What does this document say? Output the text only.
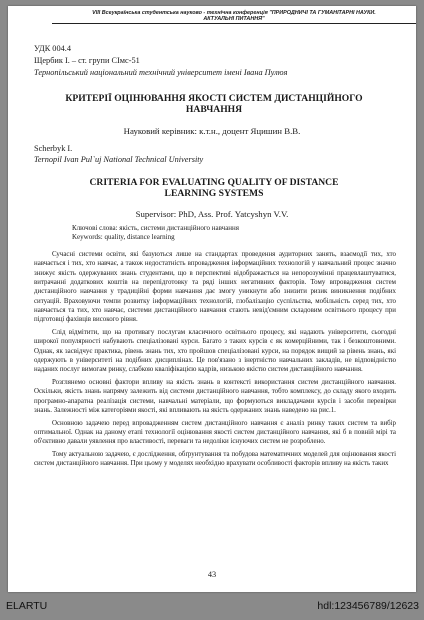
VIII Всеукраїнська студентська науково - технічна конференція "ПРИРОДНИЧІ ТА ГУМАНІТАРНІ НАУКИ.
АКТУАЛЬНІ ПИТАННЯ"
УДК 004.4
Щербик І. – ст. групи СІмс-51
Тернопільський національний технічний університет імені Івана Пулюя
КРИТЕРІЇ ОЦІНЮВАННЯ ЯКОСТІ СИСТЕМ ДИСТАНЦІЙНОГО
НАВЧАННЯ
Науковий керівник: к.т.н., доцент Яцишин В.В.
Scherbyk I.
Ternopil Ivan Pul`uj National Technical University
CRITERIA FOR EVALUATING QUALITY OF DISTANCE
LEARNING SYSTEMS
Supervisor: PhD, Ass. Prof. Yatcyshyn V.V.
Ключові слова: якість, системи дистанційного навчання
Keywords: quality, distance learning

Сучасні системи освіти, які базуються лише на стандартах проведення аудиторних занять, взаємодії тих, хто навчається і тих, хто навчає, а також недостатність впровадження інформаційних технологій у навчальний процес значно знижує якість одержуваних знань студентами, що в перспективі відображається на непорозумінні працевлаштуватися, витрачанні додаткових коштів на перепідготовку та ряді інших негативних факторів. Тому впровадження систем дистанційного навчання у традиційні форми навчання дає змогу уникнути або знизити ризик виникнення подібних ситуацій. Враховуючи темпи розвитку інформаційних технологій, глобалізацію суспільства, мобільність серед тих, хто навчається та тих, хто навчає, системи дистанційного навчання стають невід'ємним складовим освітнього процесу при підготовці фахівців високого рівня.

Слід відмітити, що на противагу послугам класичного освітнього процесу, які надають університети, сьогодні широкої популярності набувають спеціалізовані курси. Багато з таких курсів є як комерційними, так і безкоштовними. Однак, як засвідчує практика, рівень знань тих, хто пройшов спеціалізовані курси, на порядок вищий за рівень знань, які одержують в університеті на подібних дисциплінах. Це пов'язано з інертністю навчальних закладів, не відповідністю наданих послуг вимогам ринку, слабкою кваліфікацією кадрів, низькою якістю систем дистанційного навчання.

Розглянемо основні фактори впливу на якість знань в контексті використання систем дистанційного навчання. Оскільки, якість знань напряму залежить від системи дистанційного навчання, тобто комплексу, до складу якого входить програмно-апаратна реалізація системи, навчальні матеріали, що формуються викладачами курсів і засоби перевірки знань. Залежності між категоріями якості, які впливають на якість одержаних знань наведено на рис.1.

Основною задачею перед впровадженням систем дистанційного навчання є аналіз ринку таких систем та вибір оптимальної. Однак на даному етапі технології оцінювання якості систем дистанційного навчання, які б в повній мірі та об'єктивно давали уявлення про властивості, переваги та недоліки існуючих систем не розроблено.

Тому актуальною задачею, є дослідження, обґрунтування та побудова математичних моделей для оцінювання якості систем дистанційного навчання. При цьому у моделях необхідно врахувати особливості факторів впливу на якість таких

43
ELARTU	hdl:123456789/12623
